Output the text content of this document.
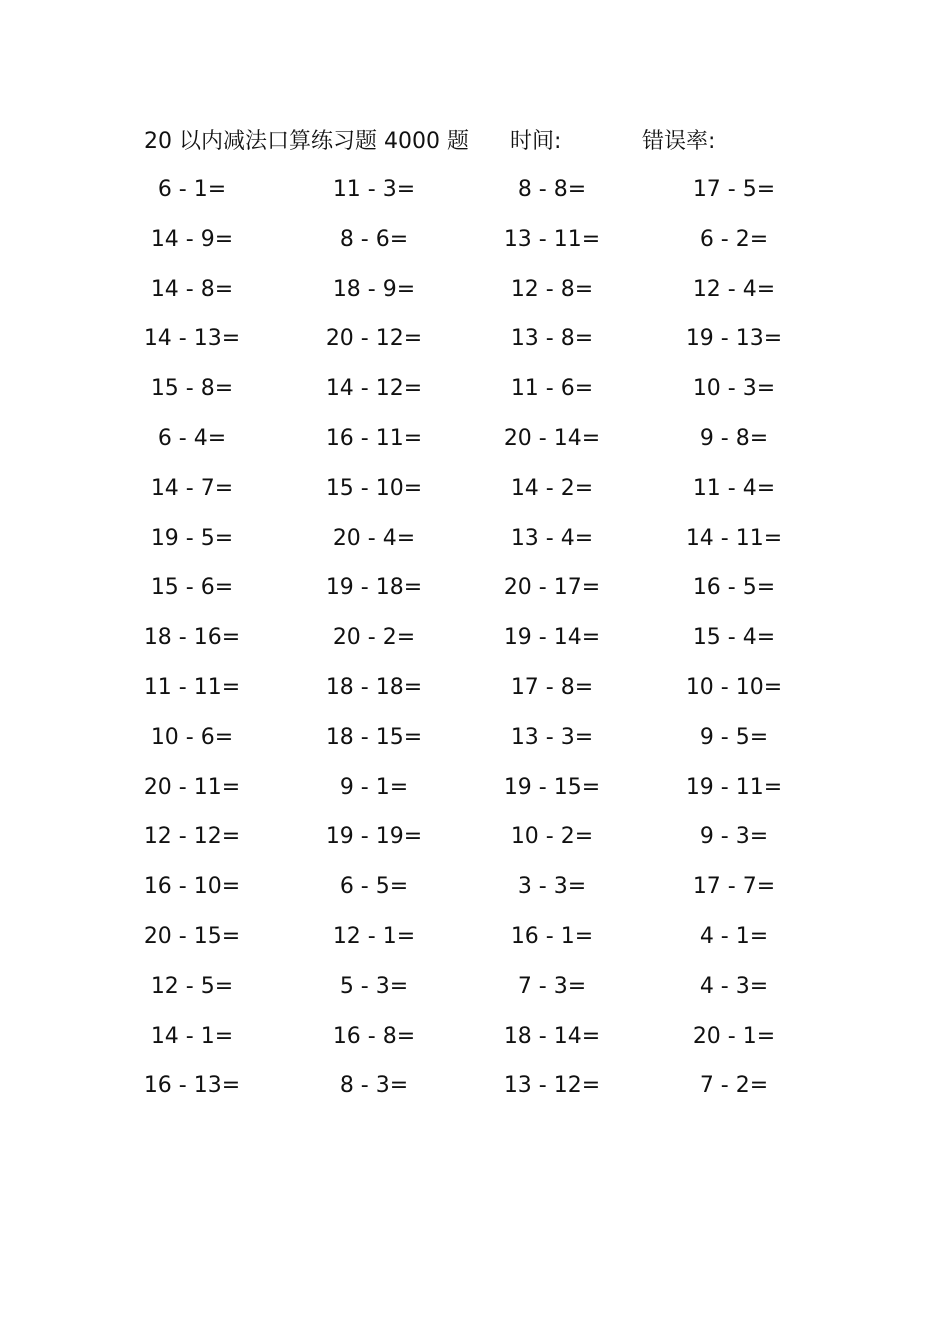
20 以内减法口算练习题 4000 题 时间:	错误率:
6 - 1=	11 - 3=	8 - 8=	17 - 5=
14 - 9=	8 - 6=	13 - 11=	6 - 2=
14 - 8=	18 - 9=	12 - 8=	12 - 4=
14 - 13=	20 - 12=	13 - 8=	19 - 13=
15 - 8=	14 - 12=	11 - 6=	10 - 3=
6 - 4=	16 - 11=	20 - 14=	9 - 8=
14 - 7=	15 - 10=	14 - 2=	11 - 4=
19 - 5=	20 - 4=	13 - 4=	14 - 11=
15 - 6=	19 - 18=	20 - 17=	16 - 5=
18 - 16=	20 - 2=	19 - 14=	15 - 4=
11 - 11=	18 - 18=	17 - 8=	10 - 10=
10 - 6=	18 - 15=	13 - 3=	9 - 5=
20 - 11=	9 - 1=	19 - 15=	19 - 11=
12 - 12=	19 - 19=	10 - 2=	9 - 3=
16 - 10=	6 - 5=	3 - 3=	17 - 7=
20 - 15=	12 - 1=	16 - 1=	4 - 1=
12 - 5=	5 - 3=	7 - 3=	4 - 3=
14 - 1=	16 - 8=	18 - 14=	20 - 1=
16 - 13=	8 - 3=	13 - 12=	7 - 2=
